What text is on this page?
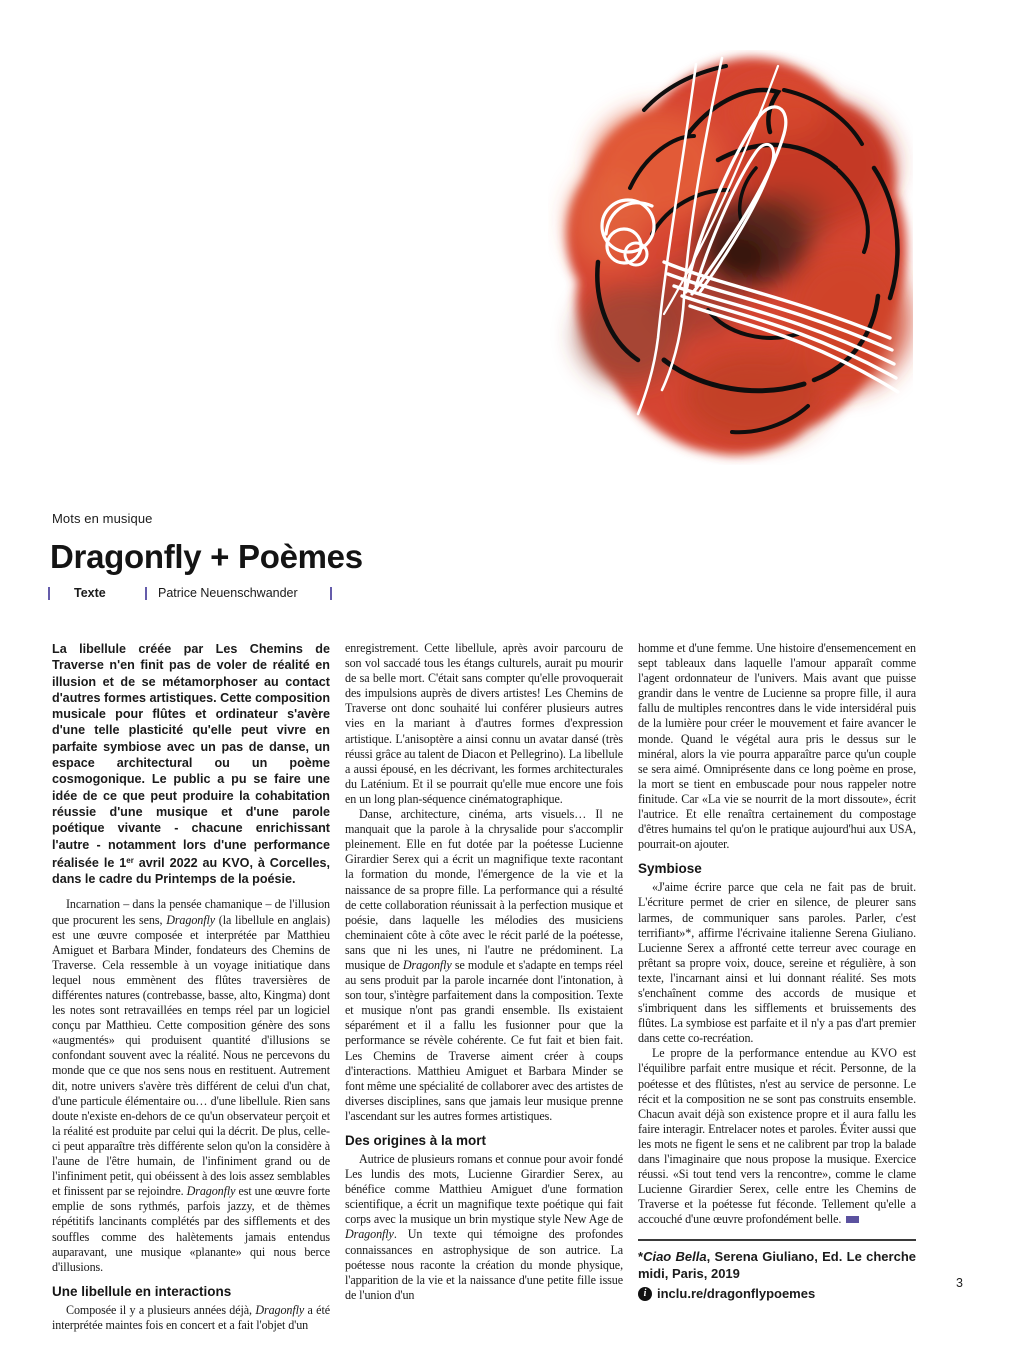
Mots en musique
Dragonfly + Poèmes
Texte	Patrice Neuenschwander

La libellule créée par Les Chemins de Traverse n'en finit pas de voler de réalité en illusion et de se métamorphoser au contact d'autres formes artistiques. Cette composition musicale pour flûtes et ordinateur s'avère d'une telle plasticité qu'elle peut vivre en parfaite symbiose avec un pas de danse, un espace architectural ou un poème cosmogonique. Le public a pu se faire une idée de ce que peut produire la cohabitation réussie d'une musique et d'une parole poétique vivante - chacune enrichissant l'autre - notamment lors d'une performance réalisée le 1er avril 2022 au KVO, à Corcelles, dans le cadre du Printemps de la poésie.

Incarnation – dans la pensée chamanique – de l'illusion que procurent les sens, Dragonfly (la libellule en anglais) est une œuvre composée et interprétée par Matthieu Amiguet et Barbara Minder, fondateurs des Chemins de Traverse. Cela ressemble à un voyage initiatique dans lequel nous emmènent des flûtes traversières de différentes natures (contrebasse, basse, alto, Kingma) dont les notes sont retravaillées en temps réel par un logiciel conçu par Matthieu. Cette composition génère des sons «augmentés» qui produisent quantité d'illusions se confondant souvent avec la réalité. Nous ne percevons du monde que ce que nos sens nous en restituent. Autrement dit, notre univers s'avère très différent de celui d'un chat, d'une particule élémentaire ou… d'une libellule. Rien sans doute n'existe en-dehors de ce qu'un observateur perçoit et la réalité est produite par celui qui la décrit. De plus, celle-ci peut apparaître très différente selon qu'on la considère à l'aune de l'être humain, de l'infiniment grand ou de l'infiniment petit, qui obéissent à des lois assez semblables et finissent par se rejoindre. Dragonfly est une œuvre forte emplie de sons rythmés, parfois jazzy, et de thèmes répétitifs lancinants complétés par des sifflements et des souffles comme des halètements jamais entendus auparavant, une musique «planante» qui nous berce d'illusions.

Une libellule en interactions

Composée il y a plusieurs années déjà, Dragonfly a été interprétée maintes fois en concert et a fait l'objet d'un

enregistrement. Cette libellule, après avoir parcouru de son vol saccadé tous les étangs culturels, aurait pu mourir de sa belle mort. C'était sans compter qu'elle provoquerait des impulsions auprès de divers artistes! Les Chemins de Traverse ont donc souhaité lui conférer plusieurs autres vies en la mariant à d'autres formes d'expression artistique. L'anisoptère a ainsi connu un avatar dansé (très réussi grâce au talent de Diacon et Pellegrino). La libellule a aussi épousé, en les décrivant, les formes architecturales du Laténium. Et il se pourrait qu'elle mue encore une fois en un long plan-séquence cinématographique.

Danse, architecture, cinéma, arts visuels… Il ne manquait que la parole à la chrysalide pour s'accomplir pleinement. Elle en fut dotée par la poétesse Lucienne Girardier Serex qui a écrit un magnifique texte racontant la formation du monde, l'émergence de la vie et la naissance de sa propre fille. La performance qui a résulté de cette collaboration réunissait à la perfection musique et poésie, dans laquelle les mélodies des musiciens cheminaient côte à côte avec le récit parlé de la poétesse, sans que ni les unes, ni l'autre ne prédominent. La musique de Dragonfly se module et s'adapte en temps réel au sens produit par la parole incarnée dont l'intonation, à son tour, s'intègre parfaitement dans la composition. Texte et musique n'ont pas grandi ensemble. Ils existaient séparément et il a fallu les fusionner pour que la performance se révèle cohérente. Ce fut fait et bien fait. Les Chemins de Traverse aiment créer à coups d'interactions. Matthieu Amiguet et Barbara Minder se font même une spécialité de collaborer avec des artistes de diverses disciplines, sans que jamais leur musique prenne l'ascendant sur les autres formes artistiques.

Des origines à la mort

Autrice de plusieurs romans et connue pour avoir fondé Les lundis des mots, Lucienne Girardier Serex, au bénéfice comme Matthieu Amiguet d'une formation scientifique, a écrit un magnifique texte poétique qui fait corps avec la musique un brin mystique style New Age de Dragonfly. Un texte qui témoigne des profondes connaissances en astrophysique de son autrice. La poétesse nous raconte la création du monde physique, l'apparition de la vie et la naissance d'une petite fille issue de l'union d'un

homme et d'une femme. Une histoire d'ensemencement en sept tableaux dans laquelle l'amour apparaît comme l'agent ordonnateur de l'univers. Mais avant que puisse grandir dans le ventre de Lucienne sa propre fille, il aura fallu de multiples rencontres dans le vide intersidéral puis de la lumière pour créer le mouvement et faire avancer le monde. Quand le végétal aura pris le dessus sur le minéral, alors la vie pourra apparaître parce qu'un couple se sera aimé. Omniprésente dans ce long poème en prose, la mort se tient en embuscade pour nous rappeler notre finitude. Car «La vie se nourrit de la mort dissoute», écrit l'autrice. Et elle renaîtra certainement du compostage d'êtres humains tel qu'on le pratique aujourd'hui aux USA, pourrait-on ajouter.

Symbiose

«J'aime écrire parce que cela ne fait pas de bruit. L'écriture permet de crier en silence, de pleurer sans larmes, de communiquer sans paroles. Parler, c'est terrifiant»*, affirme l'écrivaine italienne Serena Giuliano. Lucienne Serex a affronté cette terreur avec courage en prêtant sa propre voix, douce, sereine et régulière, à son texte, l'incarnant ainsi et lui donnant réalité. Ses mots s'enchaînent comme des accords de musique et s'imbriquent dans les sifflements et bruissements des flûtes. La symbiose est parfaite et il n'y a pas d'art premier dans cette co-recréation.

Le propre de la performance entendue au KVO est l'équilibre parfait entre musique et récit. Personne, de la poétesse et des flûtistes, n'est au service de personne. Le récit et la composition ne se sont pas construits ensemble. Chacun avait déjà son existence propre et il aura fallu les faire interagir. Entrelacer notes et paroles. Éviter aussi que les mots ne figent le sens et ne calibrent par trop la balade dans l'imaginaire que nous propose la musique. Exercice réussi. «Si tout tend vers la rencontre», comme le clame Lucienne Girardier Serex, celle entre les Chemins de Traverse et la poétesse fut féconde. Tellement qu'elle a accouché d'une œuvre profondément belle.

*Ciao Bella, Serena Giuliano, Ed. Le cherche midi, Paris, 2019

i inclu.re/dragonflypoemes
3
